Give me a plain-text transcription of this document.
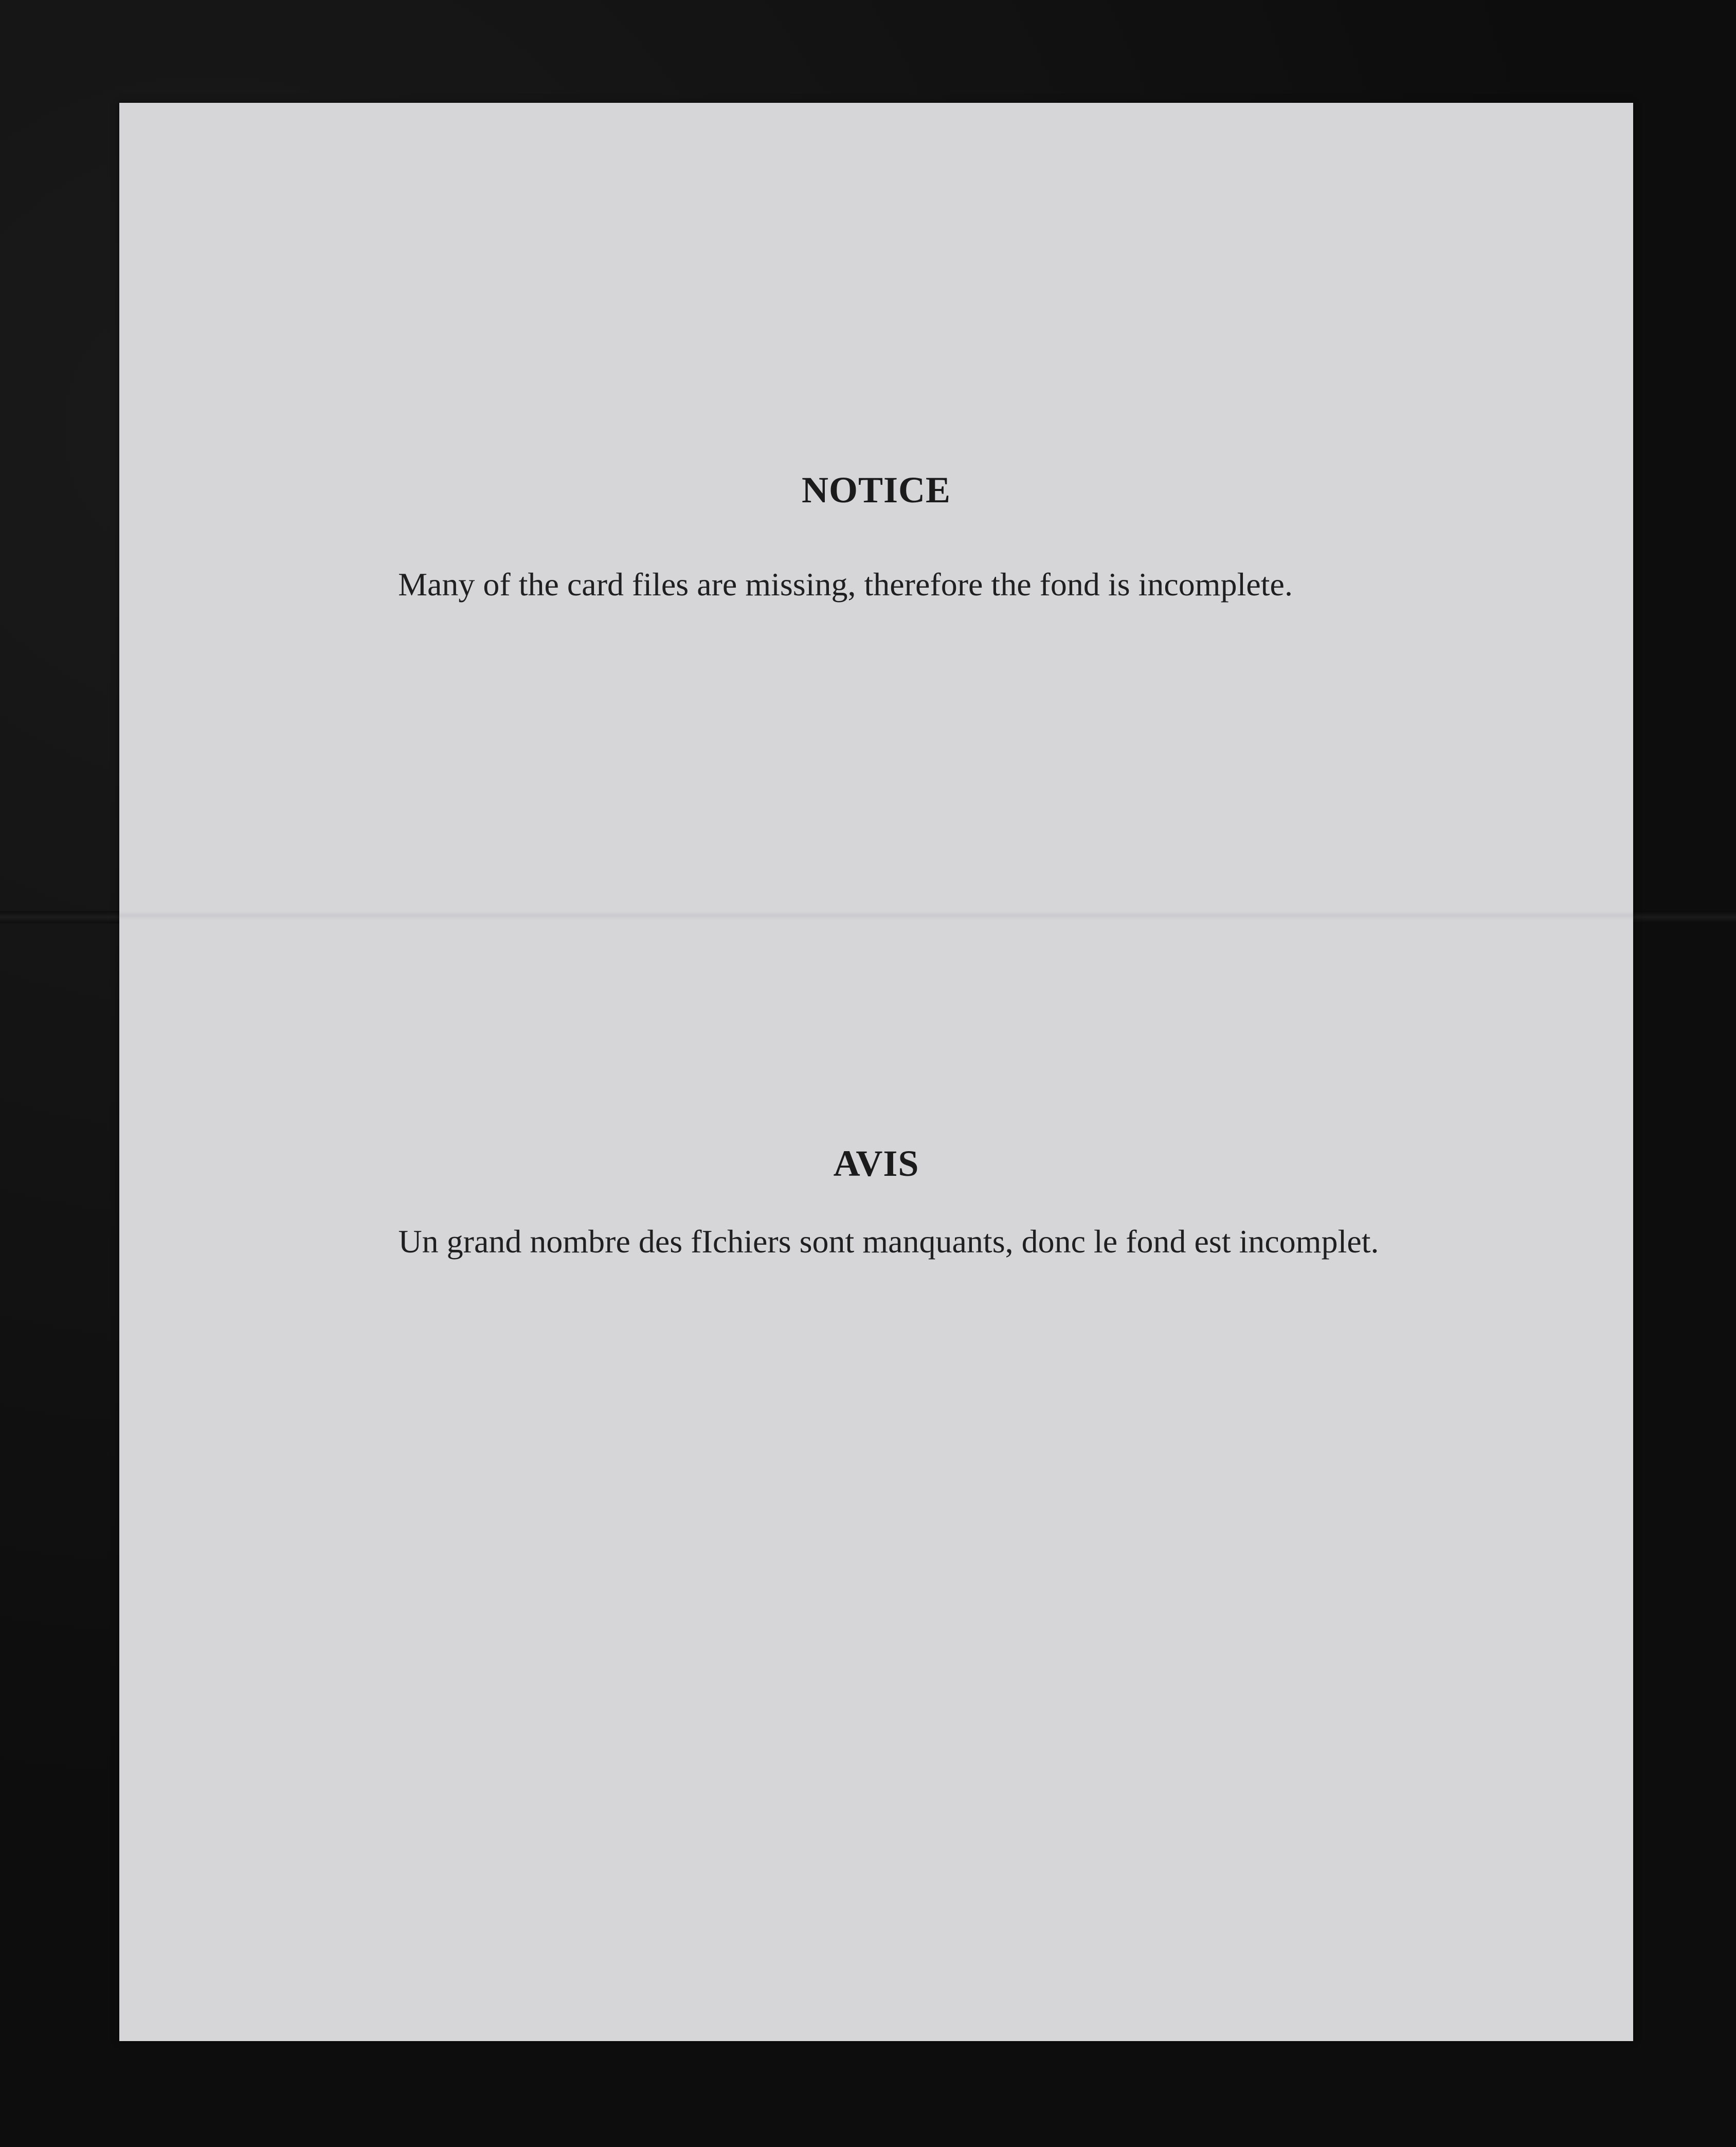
NOTICE

Many of the card files are missing, therefore the fond is incomplete.

AVIS

Un grand nombre des fIchiers sont manquants, donc le fond est incomplet.
